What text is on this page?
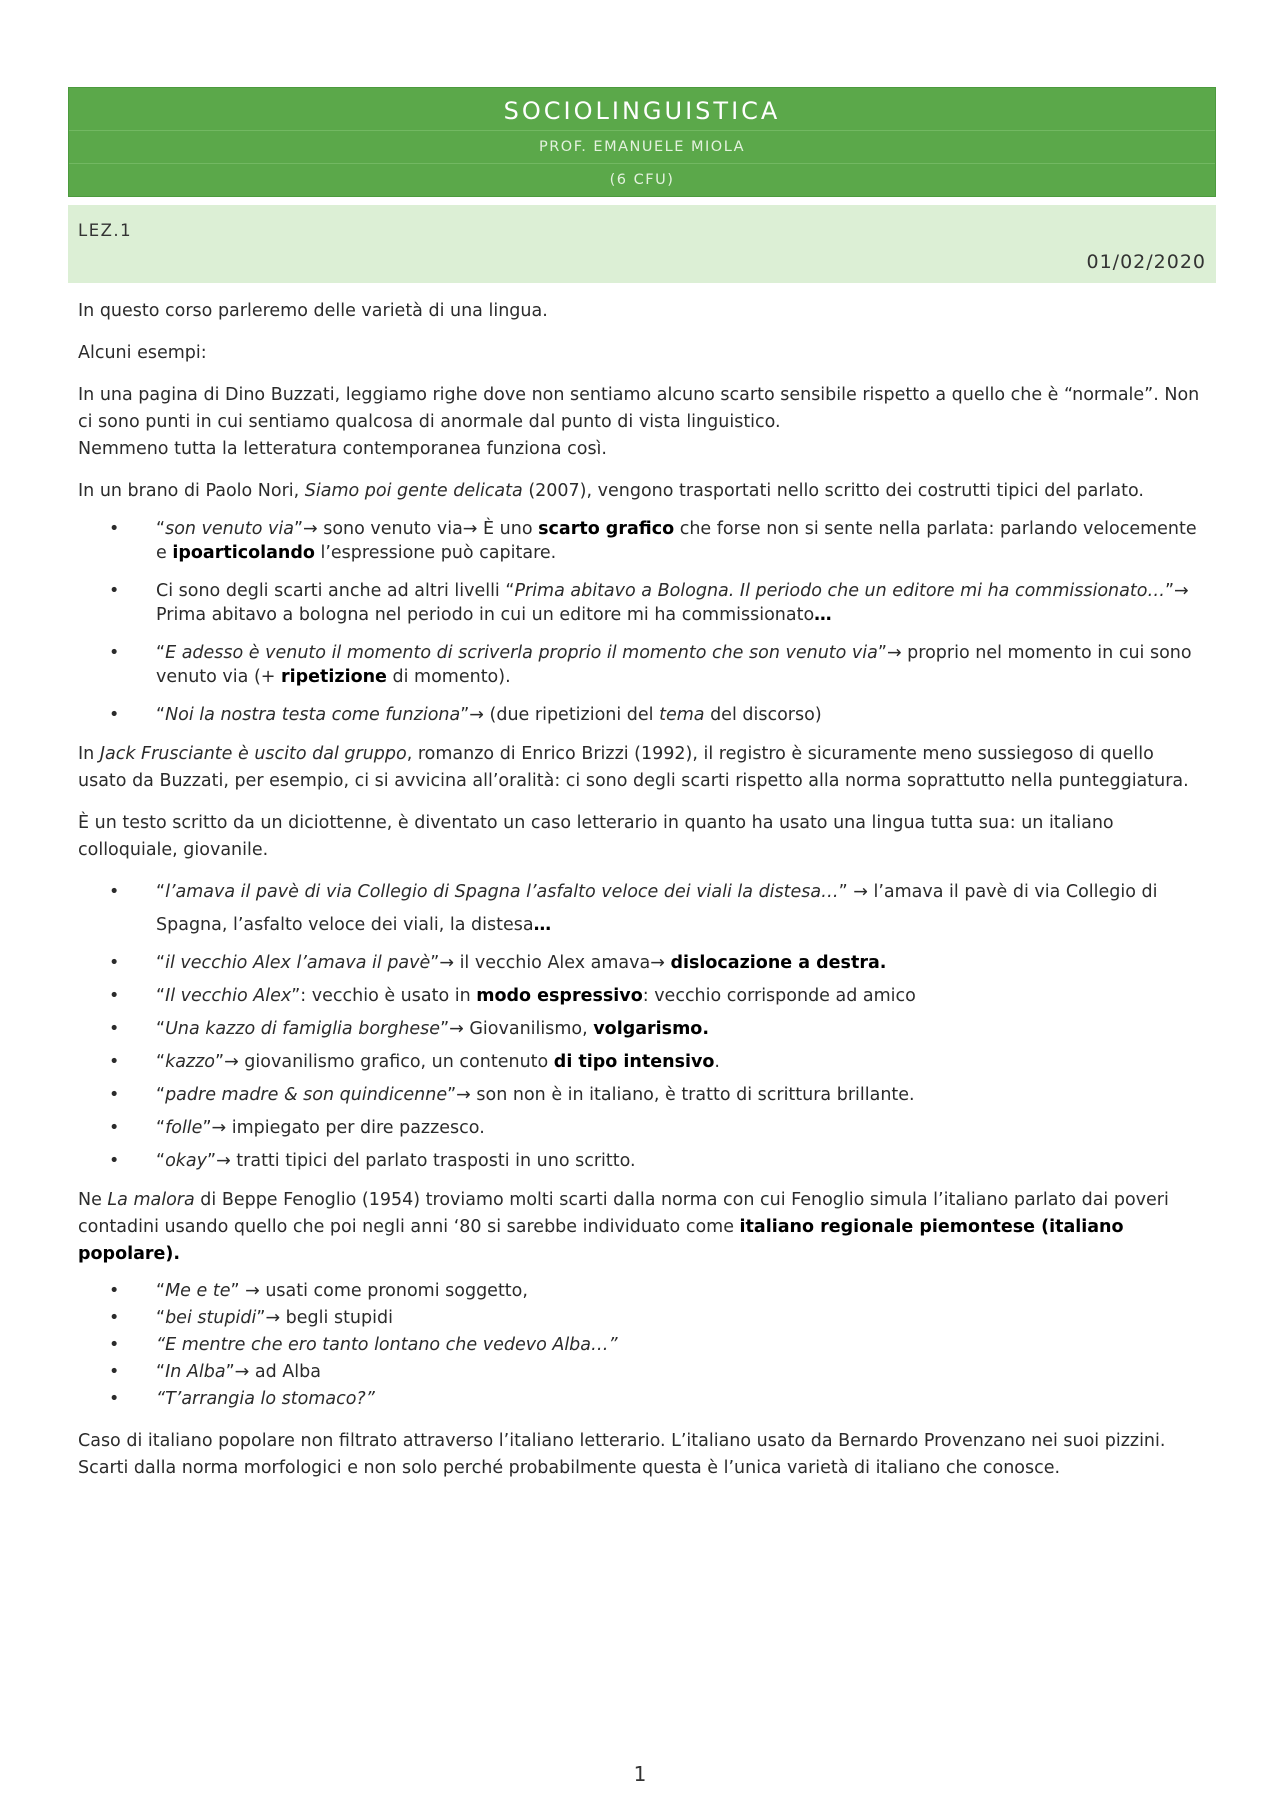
SOCIOLINGUISTICA
PROF. EMANUELE MIOLA
(6 CFU)
LEZ.1
01/02/2020

In questo corso parleremo delle varietà di una lingua.

Alcuni esempi:

In una pagina di Dino Buzzati, leggiamo righe dove non sentiamo alcuno scarto sensibile rispetto a quello che è “normale”. Non ci sono punti in cui sentiamo qualcosa di anormale dal punto di vista linguistico.
Nemmeno tutta la letteratura contemporanea funziona così.

In un brano di Paolo Nori, Siamo poi gente delicata (2007), vengono trasportati nello scritto dei costrutti tipici del parlato.

• “son venuto via”→ sono venuto via→ È uno scarto grafico che forse non si sente nella parlata: parlando velocemente e ipoarticolando l’espressione può capitare.
• Ci sono degli scarti anche ad altri livelli “Prima abitavo a Bologna. Il periodo che un editore mi ha commissionato…”→ Prima abitavo a bologna nel periodo in cui un editore mi ha commissionato…
• “E adesso è venuto il momento di scriverla proprio il momento che son venuto via”→ proprio nel momento in cui sono venuto via (+ ripetizione di momento).
• “Noi la nostra testa come funziona”→ (due ripetizioni del tema del discorso)

In Jack Frusciante è uscito dal gruppo, romanzo di Enrico Brizzi (1992), il registro è sicuramente meno sussiegoso di quello usato da Buzzati, per esempio, ci si avvicina all’oralità: ci sono degli scarti rispetto alla norma soprattutto nella punteggiatura.

È un testo scritto da un diciottenne, è diventato un caso letterario in quanto ha usato una lingua tutta sua: un italiano colloquiale, giovanile.

• “l’amava il pavè di via Collegio di Spagna l’asfalto veloce dei viali la distesa…” → l’amava il pavè di via Collegio di Spagna, l’asfalto veloce dei viali, la distesa…
• “il vecchio Alex l’amava il pavè”→ il vecchio Alex amava→ dislocazione a destra.
• “Il vecchio Alex”: vecchio è usato in modo espressivo: vecchio corrisponde ad amico
• “Una kazzo di famiglia borghese”→ Giovanilismo, volgarismo.
• “kazzo”→ giovanilismo grafico, un contenuto di tipo intensivo.
• “padre madre & son quindicenne”→ son non è in italiano, è tratto di scrittura brillante.
• “folle”→ impiegato per dire pazzesco.
• “okay”→ tratti tipici del parlato trasposti in uno scritto.

Ne La malora di Beppe Fenoglio (1954) troviamo molti scarti dalla norma con cui Fenoglio simula l’italiano parlato dai poveri contadini usando quello che poi negli anni ‘80 si sarebbe individuato come italiano regionale piemontese (italiano popolare).

• “Me e te” → usati come pronomi soggetto,
• “bei stupidi”→ begli stupidi
• “E mentre che ero tanto lontano che vedevo Alba…”
• “In Alba”→ ad Alba
• “T’arrangia lo stomaco?”

Caso di italiano popolare non filtrato attraverso l’italiano letterario. L’italiano usato da Bernardo Provenzano nei suoi pizzini. Scarti dalla norma morfologici e non solo perché probabilmente questa è l’unica varietà di italiano che conosce.

1
